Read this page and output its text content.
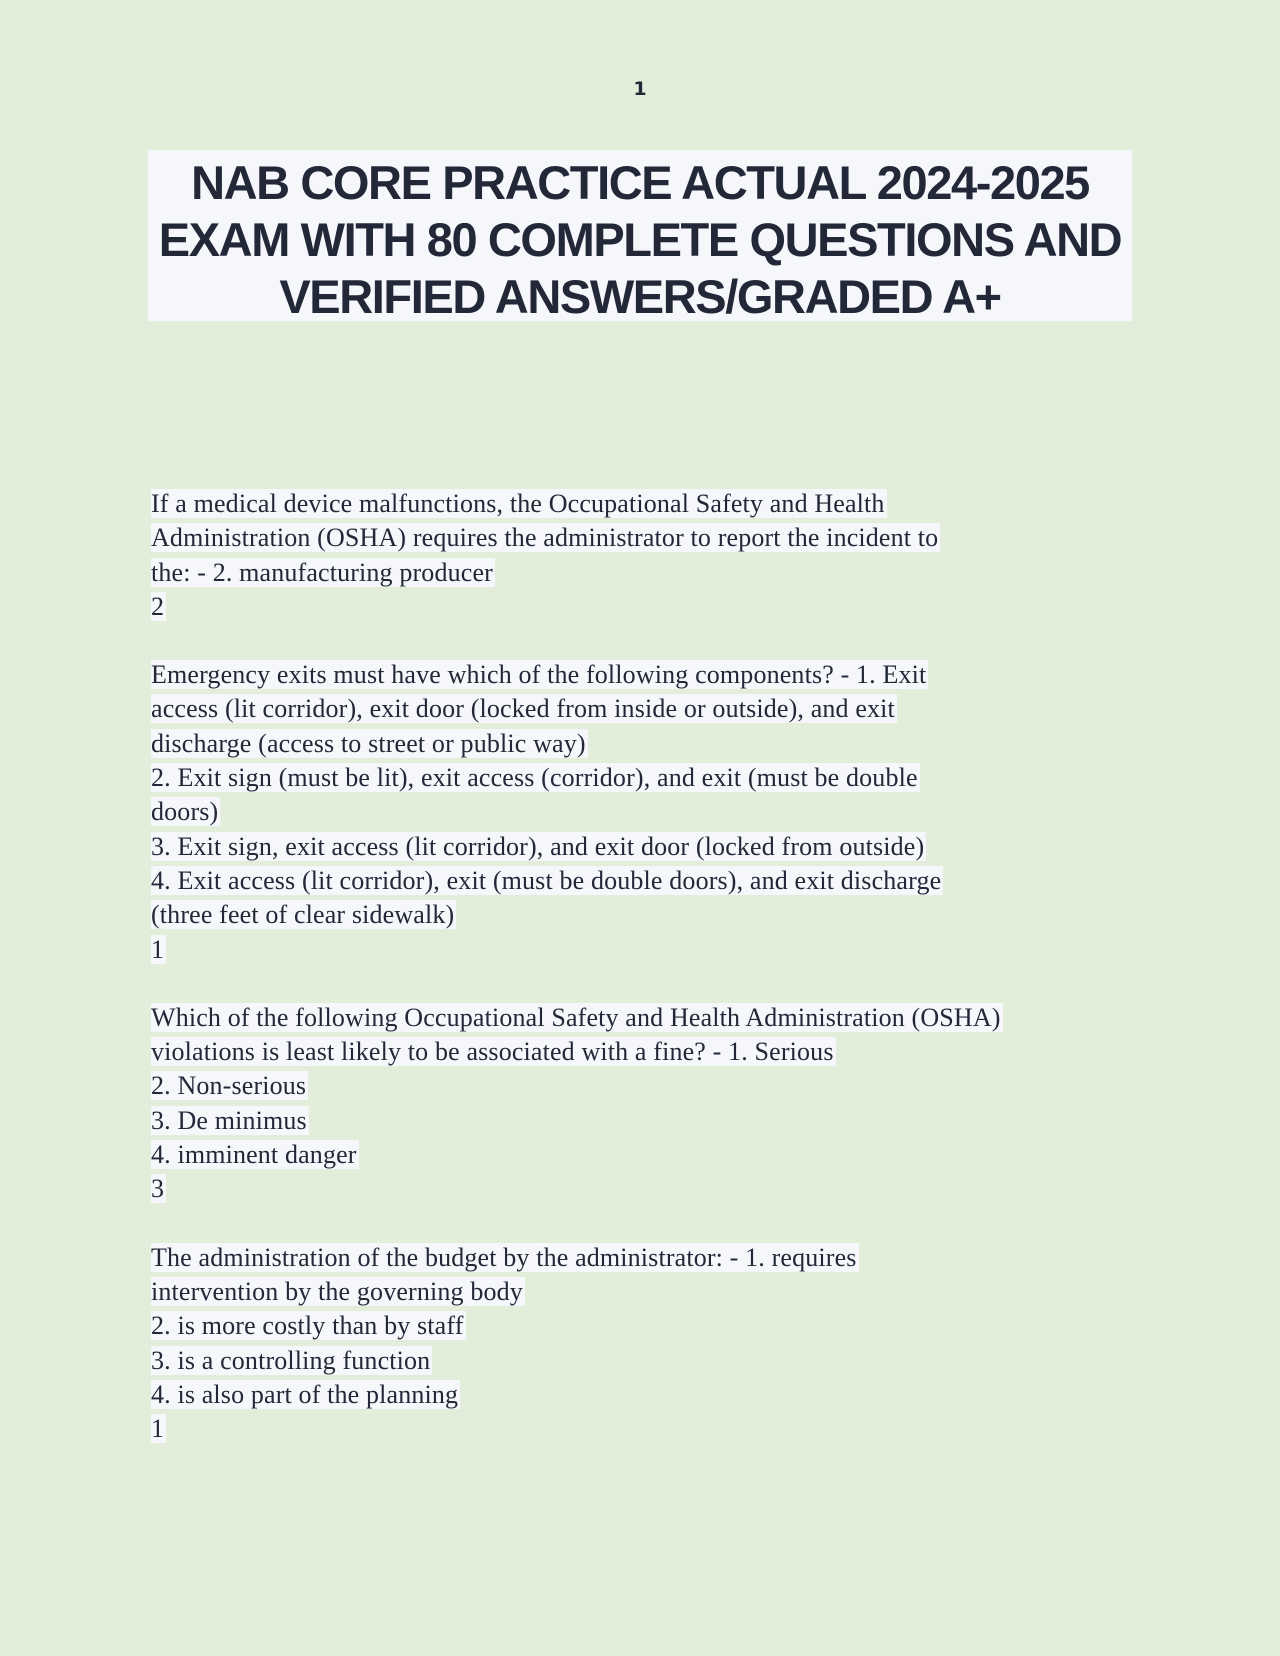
1
NAB CORE PRACTICE ACTUAL 2024-2025
EXAM WITH 80 COMPLETE QUESTIONS AND
VERIFIED ANSWERS/GRADED A+
If a medical device malfunctions, the Occupational Safety and Health
Administration (OSHA) requires the administrator to report the incident to
the: - 2. manufacturing producer
2
Emergency exits must have which of the following components? - 1. Exit
access (lit corridor), exit door (locked from inside or outside), and exit
discharge (access to street or public way)
2. Exit sign (must be lit), exit access (corridor), and exit (must be double
doors)
3. Exit sign, exit access (lit corridor), and exit door (locked from outside)
4. Exit access (lit corridor), exit (must be double doors), and exit discharge
(three feet of clear sidewalk)
1
Which of the following Occupational Safety and Health Administration (OSHA)
violations is least likely to be associated with a fine? - 1. Serious
2. Non-serious
3. De minimus
4. imminent danger
3
The administration of the budget by the administrator: - 1. requires
intervention by the governing body
2. is more costly than by staff
3. is a controlling function
4. is also part of the planning
1
